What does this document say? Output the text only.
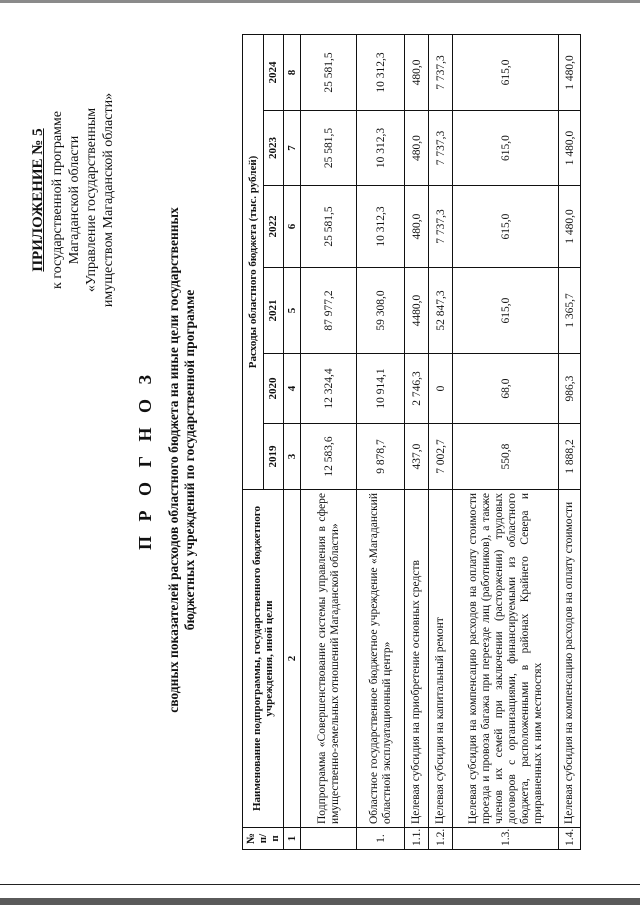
ПРИЛОЖЕНИЕ № 5 к государственной программе Магаданской области «Управление государственным имуществом Магаданской области»
П Р О Г Н О З сводных показателей расходов областного бюджета на иные цели государственных бюджетных учреждений по государственной программе
№ п/п	Наименование подпрограммы, государственного бюджетного учреждения, иной цели	Расходы областного бюджета (тыс. рублей)					
		2019	2020	2021	2022	2023	2024
1	2	3	4	5	6	7	8
	Подпрограмма «Совершенствование системы управления в сфере имущественно-земельных отношений Магаданской области»	12 583,6	12 324,4	87 977,2	25 581,5	25 581,5	25 581,5
1.	Областное государственное бюджетное учреждение «Магаданский областной эксплуатационный центр»	9 878,7	10 914,1	59 308,0	10 312,3	10 312,3	10 312,3
1.1.	Целевая субсидия на приобретение основных средств	437,0	2 746,3	4480,0	480,0	480,0	480,0
1.2.	Целевая субсидия на капитальный ремонт	7 002,7	0	52 847,3	7 737,3	7 737,3	7 737,3
1.3.	Целевая субсидия на компенсацию расходов на оплату стоимости проезда и провоза багажа при переезде лиц (работников), а также членов их семей при заключении (расторжении) трудовых договоров с организациями, финансируемыми из областного бюджета, расположенными в районах Крайнего Севера и приравненных к ним местностях	550,8	68,0	615,0	615,0	615,0	615,0
1.4.	Целевая субсидия на компенсацию расходов на оплату стоимости	1 888,2	986,3	1 365,7	1 480,0	1 480,0	1 480,0
